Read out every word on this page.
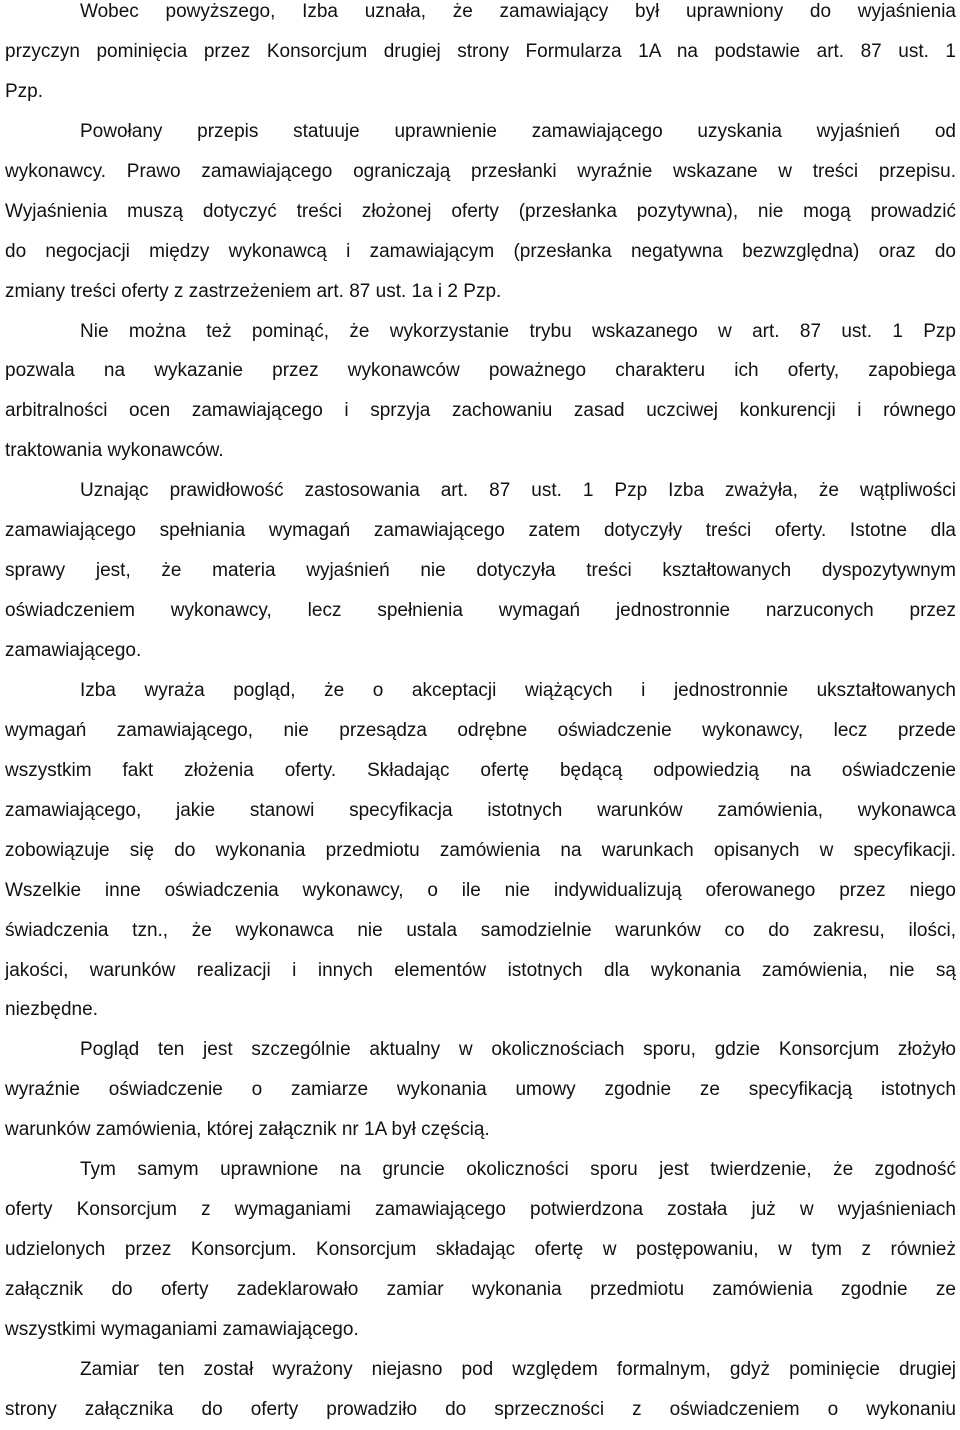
Wobec powyższego, Izba uznała, że zamawiający był uprawniony do wyjaśnienia
przyczyn pominięcia przez Konsorcjum drugiej strony Formularza 1A na podstawie art. 87 ust. 1
Pzp.
Powołany przepis statuuje uprawnienie zamawiającego uzyskania wyjaśnień od
wykonawcy. Prawo zamawiającego ograniczają przesłanki wyraźnie wskazane w treści przepisu.
Wyjaśnienia muszą dotyczyć treści złożonej oferty (przesłanka pozytywna), nie mogą prowadzić
do negocjacji między wykonawcą i zamawiającym (przesłanka negatywna bezwzględna) oraz do
zmiany treści oferty z zastrzeżeniem art. 87 ust. 1a i 2 Pzp.
Nie można też pominąć, że wykorzystanie trybu wskazanego w art. 87 ust. 1 Pzp
pozwala na wykazanie przez wykonawców poważnego charakteru ich oferty, zapobiega
arbitralności ocen zamawiającego i sprzyja zachowaniu zasad uczciwej konkurencji i równego
traktowania wykonawców.
Uznając prawidłowość zastosowania art. 87 ust. 1 Pzp Izba zważyła, że wątpliwości
zamawiającego spełniania wymagań zamawiającego zatem dotyczyły treści oferty. Istotne dla
sprawy jest, że materia wyjaśnień nie dotyczyła treści kształtowanych dyspozytywnym
oświadczeniem wykonawcy, lecz spełnienia wymagań jednostronnie narzuconych przez
zamawiającego.
Izba wyraża pogląd, że o akceptacji wiążących i jednostronnie ukształtowanych
wymagań zamawiającego, nie przesądza odrębne oświadczenie wykonawcy, lecz przede
wszystkim fakt złożenia oferty. Składając ofertę będącą odpowiedzią na oświadczenie
zamawiającego, jakie stanowi specyfikacja istotnych warunków zamówienia, wykonawca
zobowiązuje się do wykonania przedmiotu zamówienia na warunkach opisanych w specyfikacji.
Wszelkie inne oświadczenia wykonawcy, o ile nie indywidualizują oferowanego przez niego
świadczenia tzn., że wykonawca nie ustala samodzielnie warunków co do zakresu, ilości,
jakości, warunków realizacji i innych elementów istotnych dla wykonania zamówienia, nie są
niezbędne.
Pogląd ten jest szczególnie aktualny w okolicznościach sporu, gdzie Konsorcjum złożyło
wyraźnie oświadczenie o zamiarze wykonania umowy zgodnie ze specyfikacją istotnych
warunków zamówienia, której załącznik nr 1A był częścią.
Tym samym uprawnione na gruncie okoliczności sporu jest twierdzenie, że zgodność
oferty Konsorcjum z wymaganiami zamawiającego potwierdzona została już w wyjaśnieniach
udzielonych przez Konsorcjum. Konsorcjum składając ofertę w postępowaniu, w tym z również
załącznik do oferty zadeklarowało zamiar wykonania przedmiotu zamówienia zgodnie ze
wszystkimi wymaganiami zamawiającego.
Zamiar ten został wyrażony niejasno pod względem formalnym, gdyż pominięcie drugiej
strony załącznika do oferty prowadziło do sprzeczności z oświadczeniem o wykonaniu
